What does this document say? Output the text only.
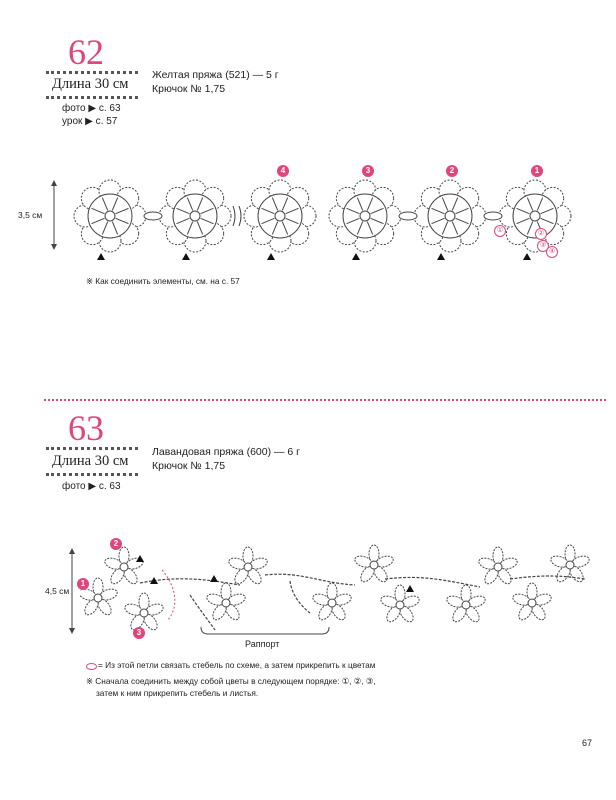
62
Длина 30 см
фото ▶ с. 63
урок ▶ с. 57
Желтая пряжа (521) — 5 г
Крючок № 1,75
3,5 см
4	3	2	1
①	②
③
④
※ Как соединить элементы, см. на с. 57
63
Длина 30 см
фото ▶ с. 63
Лавандовая пряжа (600) — 6 г
Крючок № 1,75
4,5 см
1
2
3
Раппорт
= Из этой петли связать стебель по схеме, а затем прикрепить к цветам
※ Сначала соединить между собой цветы в следующем порядке: ①, ②, ③,
затем к ним прикрепить стебель и листья.
67
